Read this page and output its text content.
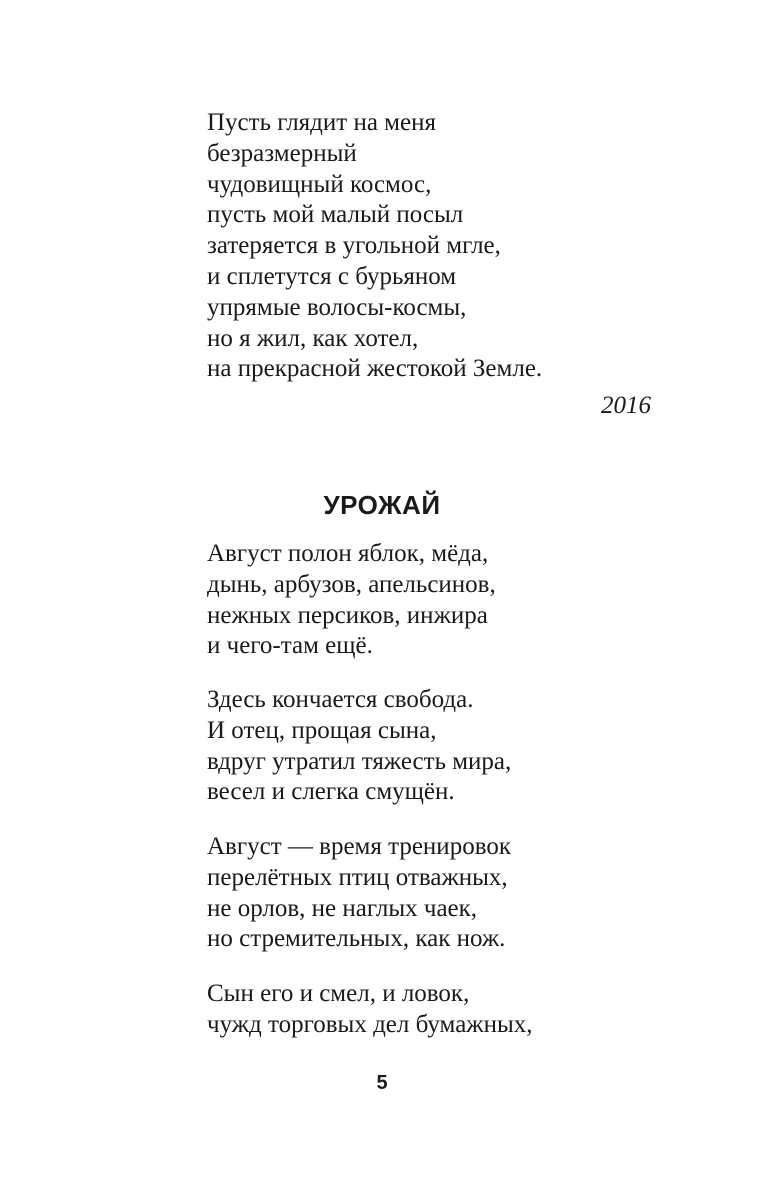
Пусть глядит на меня
безразмерный
чудовищный космос,
пусть мой малый посыл
затеряется в угольной мгле,
и сплетутся с бурьяном
упрямые волосы-космы,
но я жил, как хотел,
на прекрасной жестокой Земле.
2016
УРОЖАЙ
Август полон яблок, мёда,
дынь, арбузов, апельсинов,
нежных персиков, инжира
и чего-там ещё.
Здесь кончается свобода.
И отец, прощая сына,
вдруг утратил тяжесть мира,
весел и слегка смущён.
Август — время тренировок
перелётных птиц отважных,
не орлов, не наглых чаек,
но стремительных, как нож.
Сын его и смел, и ловок,
чужд торговых дел бумажных,
5
